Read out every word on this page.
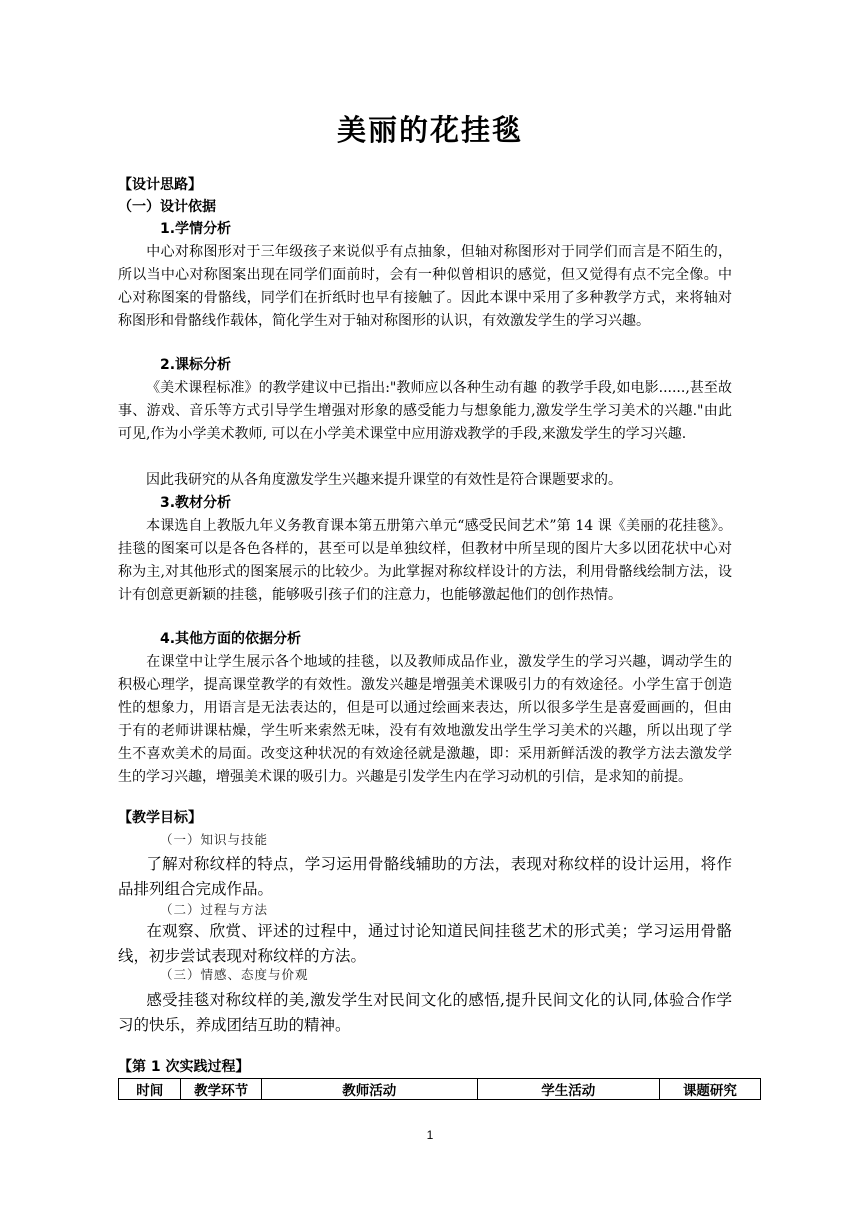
美丽的花挂毯
【设计思路】
（一）设计依据
1.学情分析
中心对称图形对于三年级孩子来说似乎有点抽象，但轴对称图形对于同学们而言是不陌生的，所以当中心对称图案出现在同学们面前时，会有一种似曾相识的感觉，但又觉得有点不完全像。中心对称图案的骨骼线，同学们在折纸时也早有接触了。因此本课中采用了多种教学方式，来将轴对称图形和骨骼线作载体，简化学生对于轴对称图形的认识，有效激发学生的学习兴趣。
2.课标分析
《美术课程标准》的教学建议中已指出:"教师应以各种生动有趣 的教学手段,如电影......,甚至故事、游戏、音乐等方式引导学生增强对形象的感受能力与想象能力,激发学生学习美术的兴趣."由此可见,作为小学美术教师, 可以在小学美术课堂中应用游戏教学的手段,来激发学生的学习兴趣.
因此我研究的从各角度激发学生兴趣来提升课堂的有效性是符合课题要求的。
3.教材分析
本课选自上教版九年义务教育课本第五册第六单元“感受民间艺术”第 14 课《美丽的花挂毯》。挂毯的图案可以是各色各样的，甚至可以是单独纹样，但教材中所呈现的图片大多以团花状中心对称为主,对其他形式的图案展示的比较少。为此掌握对称纹样设计的方法，利用骨骼线绘制方法，设计有创意更新颖的挂毯，能够吸引孩子们的注意力，也能够激起他们的创作热情。
4.其他方面的依据分析
在课堂中让学生展示各个地域的挂毯，以及教师成品作业，激发学生的学习兴趣，调动学生的积极心理学，提高课堂教学的有效性。激发兴趣是增强美术课吸引力的有效途径。小学生富于创造性的想象力，用语言是无法表达的，但是可以通过绘画来表达，所以很多学生是喜爱画画的，但由于有的老师讲课枯燥，学生听来索然无味，没有有效地激发出学生学习美术的兴趣，所以出现了学生不喜欢美术的局面。改变这种状况的有效途径就是激趣，即：采用新鲜活泼的教学方法去激发学生的学习兴趣，增强美术课的吸引力。兴趣是引发学生内在学习动机的引信，是求知的前提。
【教学目标】
（一）知识与技能
了解对称纹样的特点，学习运用骨骼线辅助的方法，表现对称纹样的设计运用，将作品排列组合完成作品。
（二）过程与方法
在观察、欣赏、评述的过程中，通过讨论知道民间挂毯艺术的形式美；学习运用骨骼线，初步尝试表现对称纹样的方法。
（三）情感、态度与价观
感受挂毯对称纹样的美,激发学生对民间文化的感悟,提升民间文化的认同,体验合作学习的快乐，养成团结互助的精神。
【第 1 次实践过程】
时间	教学环节	教师活动	学生活动	课题研究
1
